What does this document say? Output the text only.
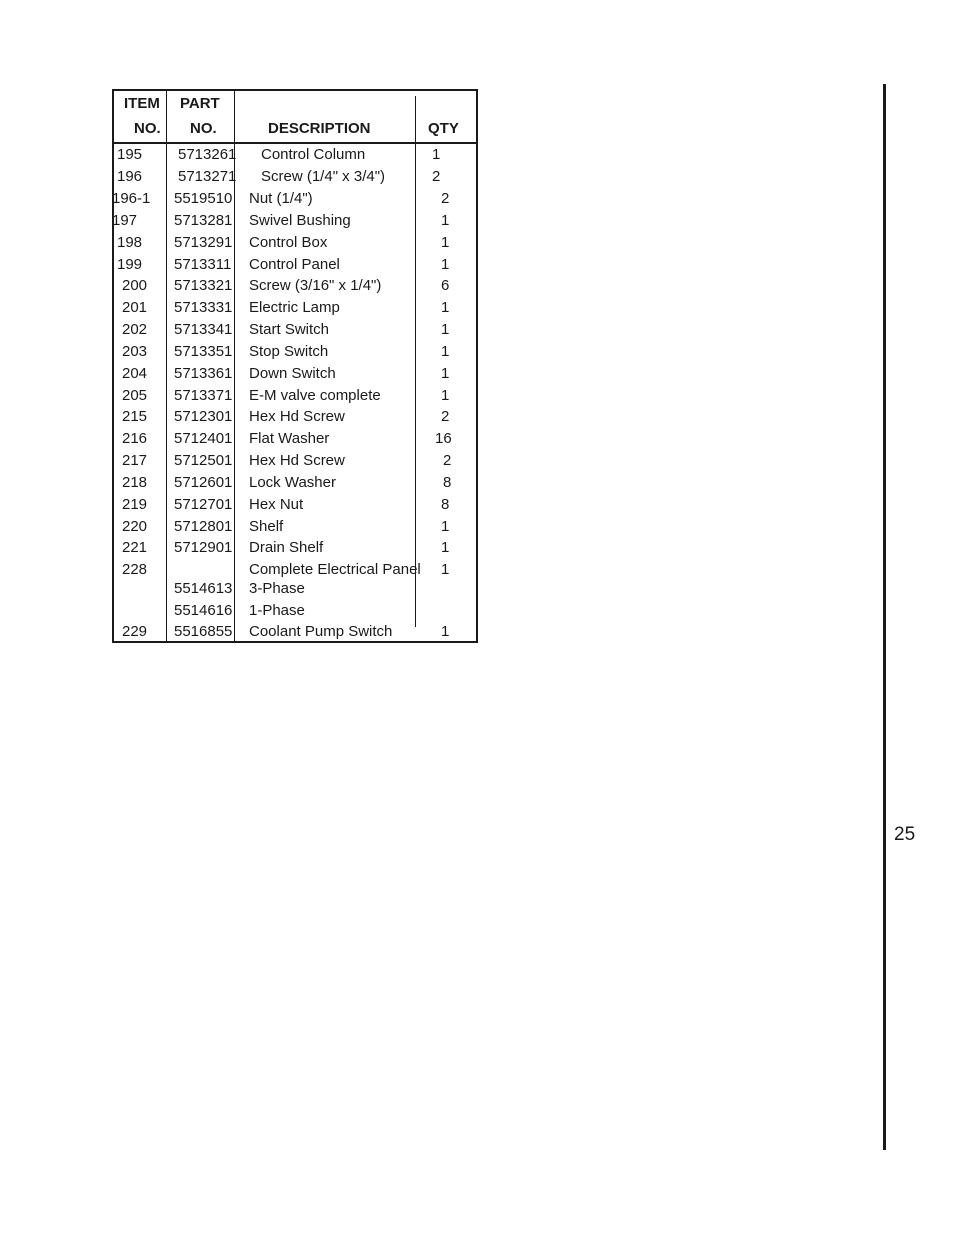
ITEM
NO.
PART
NO.	DESCRIPTION	QTY
195 5713261 Control Column	1
196 5713271 Screw (1/4" x 3/4")	2
196-1 5519510 Nut (1/4")	2
197 5713281 Swivel Bushing	1
198 5713291 Control Box	1
199 5713311 Control Panel	1
200 5713321 Screw (3/16" x 1/4")	6
201 5713331 Electric Lamp	1
202 5713341 Start Switch	1
203 5713351 Stop Switch	1
204 5713361 Down Switch	1
205 5713371 E-M valve complete	1
215 5712301 Hex Hd Screw	2
216 5712401 Flat Washer	16
217 5712501 Hex Hd Screw	2
218 5712601 Lock Washer	8
219 5712701 Hex Nut	8
220 5712801 Shelf	1
221 5712901 Drain Shelf	1
228	Complete Electrical Panel 1
5514613 3-Phase
5514616 1-Phase
229 5516855 Coolant Pump Switch	1
25
